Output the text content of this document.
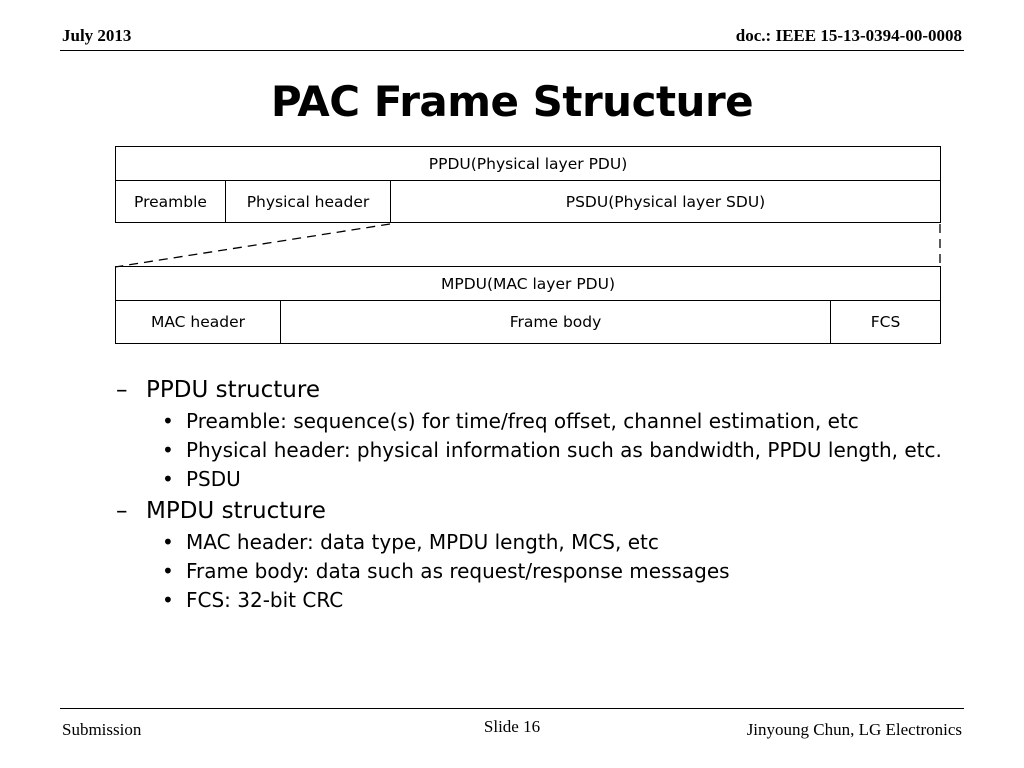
July 2013	doc.: IEEE 15-13-0394-00-0008
PAC Frame Structure
PPDU(Physical layer PDU)
Preamble	Physical header	PSDU(Physical layer SDU)
MPDU(MAC layer PDU)
MAC header	Frame body	FCS
– PPDU structure
• Preamble: sequence(s) for time/freq offset, channel estimation, etc
• Physical header: physical information such as bandwidth, PPDU length, etc.
• PSDU
– MPDU structure
• MAC header: data type, MPDU length, MCS, etc
• Frame body: data such as request/response messages
• FCS: 32-bit CRC
Submission	Slide 16	Jinyoung Chun, LG Electronics
